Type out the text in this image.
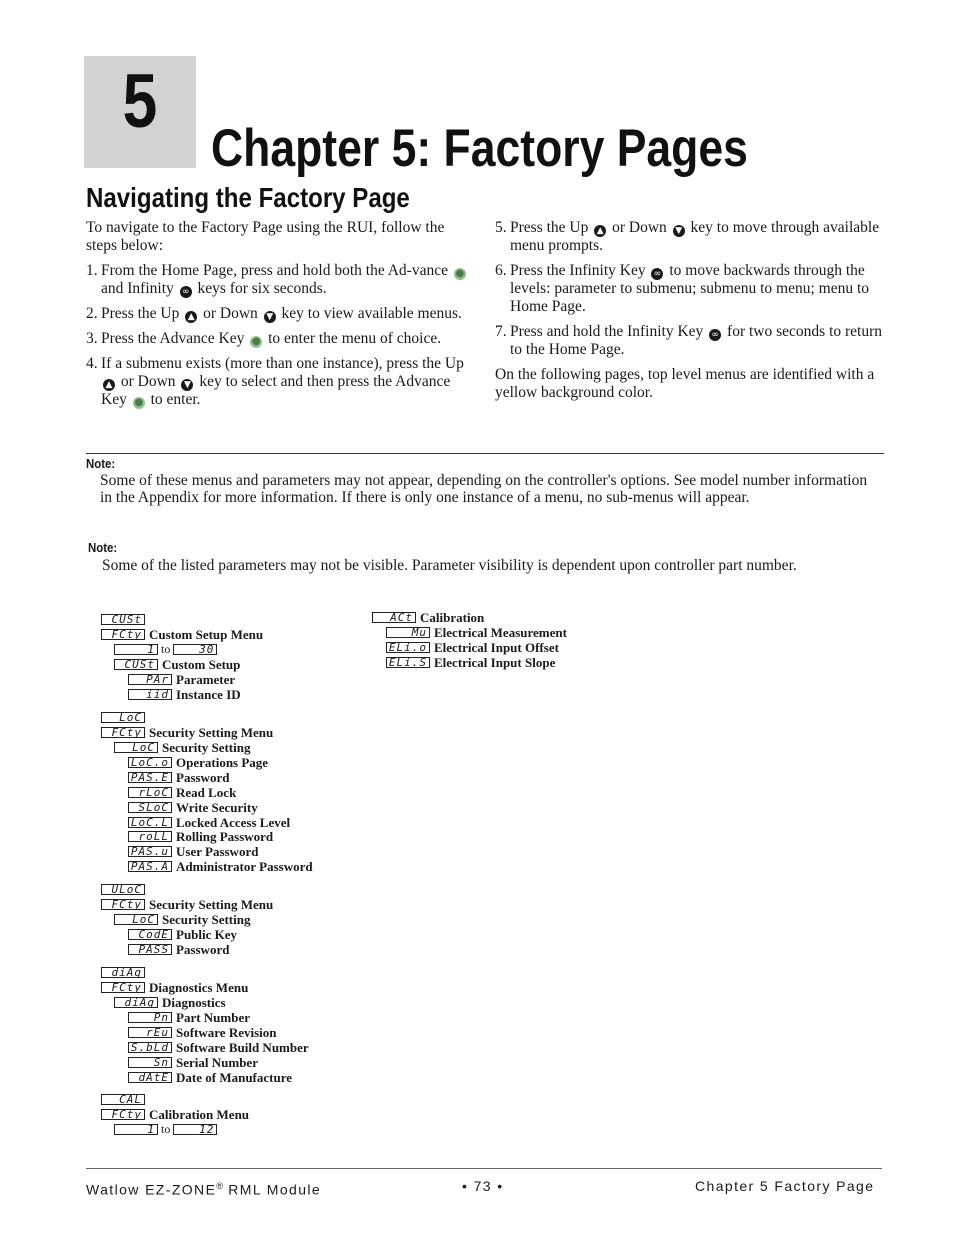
5
Chapter 5: Factory Pages
Navigating the Factory Page

To navigate to the Factory Page using the RUI, follow the steps below:

1. From the Home Page, press and hold both the Ad-vance ● and Infinity ∞ keys for six seconds.
2. Press the Up ▲ or Down ▼ key to view available menus.
3. Press the Advance Key ● to enter the menu of choice.
4. If a submenu exists (more than one instance), press the Up ▲ or Down ▼ key to select and then press the Advance Key ● to enter.
5. Press the Up ▲ or Down ▼ key to move through available menu prompts.
6. Press the Infinity Key ∞ to move backwards through the levels: parameter to submenu; submenu to menu; menu to Home Page.
7. Press and hold the Infinity Key ∞ for two seconds to return to the Home Page.

On the following pages, top level menus are identified with a yellow background color.

Note:
Some of these menus and parameters may not appear, depending on the controller's options. See model number information in the Appendix for more information. If there is only one instance of a menu, no sub-menus will appear.
Note:
Some of the listed parameters may not be visible. Parameter visibility is dependent upon controller part number.
CUSt
FCty Custom Setup Menu
1 to	30
CUSt Custom Setup
PAr Parameter
iid Instance ID
LoC
FCty Security Setting Menu
LoC Security Setting
LoC.o Operations Page
PAS.E Password
rLoC Read Lock
SLoC Write Security
LoC.L Locked Access Level
roLL Rolling Password
PAS.u User Password
PAS.A Administrator Password
ULoC
FCty Security Setting Menu
LoC Security Setting
CodE Public Key
PASS Password
diAg
FCty Diagnostics Menu
diAg Diagnostics
Pn Part Number
rEu Software Revision
S.bLd Software Build Number
Sn Serial Number
dAtE Date of Manufacture
CAL
FCty Calibration Menu
1 to	12
ACt Calibration
Mu Electrical Measurement
ELi.o Electrical Input Offset
ELi.S Electrical Input Slope
Watlow EZ-ZONE® RML Module	• 73 •	Chapter 5 Factory Page
